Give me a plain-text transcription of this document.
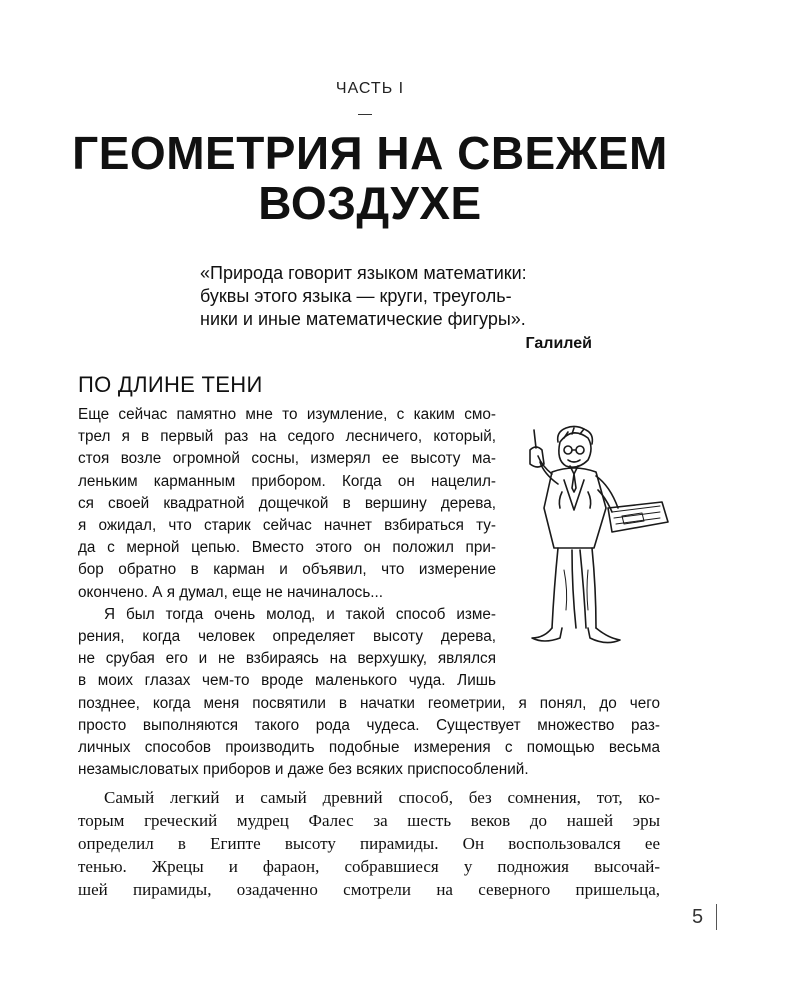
ЧАСТЬ I
ГЕОМЕТРИЯ НА СВЕЖЕМ
ВОЗДУХЕ
«Природа говорит языком математики:
буквы этого языка — круги, треуголь-
ники и иные математические фигуры».
Галилей
ПО ДЛИНЕ ТЕНИ
Еще сейчас памятно мне то изумление, с каким смо-
трел я в первый раз на седого лесничего, который,
стоя возле огромной сосны, измерял ее высоту ма-
леньким карманным прибором. Когда он нацелил-
ся своей квадратной дощечкой в вершину дерева,
я ожидал, что старик сейчас начнет взбираться ту-
да с мерной цепью. Вместо этого он положил при-
бор обратно в карман и объявил, что измерение
окончено. А я думал, еще не начиналось...
Я был тогда очень молод, и такой способ изме-
рения, когда человек определяет высоту дерева,
не срубая его и не взбираясь на верхушку, являлся
в моих глазах чем-то вроде маленького чуда. Лишь
позднее, когда меня посвятили в начатки геометрии, я понял, до чего
просто выполняются такого рода чудеса. Существует множество раз-
личных способов производить подобные измерения с помощью весьма
незамысловатых приборов и даже без всяких приспособлений.
Самый легкий и самый древний способ, без сомнения, тот, ко-
торым греческий мудрец Фалес за шесть веков до нашей эры
определил в Египте высоту пирамиды. Он воспользовался ее
тенью. Жрецы и фараон, собравшиеся у подножия высочай-
шей пирамиды, озадаченно смотрели на северного пришельца,
5
